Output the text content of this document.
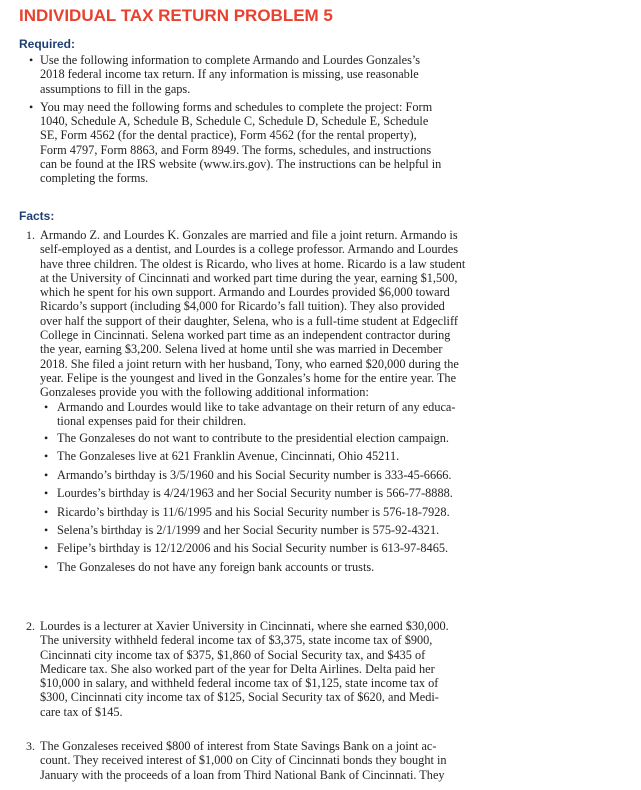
INDIVIDUAL TAX RETURN PROBLEM 5
Required:
• Use the following information to complete Armando and Lourdes Gonzales’s
2018 federal income tax return. If any information is missing, use reasonable
assumptions to fill in the gaps.
• You may need the following forms and schedules to complete the project: Form
1040, Schedule A, Schedule B, Schedule C, Schedule D, Schedule E, Schedule
SE, Form 4562 (for the dental practice), Form 4562 (for the rental property),
Form 4797, Form 8863, and Form 8949. The forms, schedules, and instructions
can be found at the IRS website (www.irs.gov). The instructions can be helpful in
completing the forms.
Facts:
1. Armando Z. and Lourdes K. Gonzales are married and file a joint return. Armando is
self-employed as a dentist, and Lourdes is a college professor. Armando and Lourdes
have three children. The oldest is Ricardo, who lives at home. Ricardo is a law student
at the University of Cincinnati and worked part time during the year, earning $1,500,
which he spent for his own support. Armando and Lourdes provided $6,000 toward
Ricardo’s support (including $4,000 for Ricardo’s fall tuition). They also provided
over half the support of their daughter, Selena, who is a full-time student at Edgecliff
College in Cincinnati. Selena worked part time as an independent contractor during
the year, earning $3,200. Selena lived at home until she was married in December
2018. She filed a joint return with her husband, Tony, who earned $20,000 during the
year. Felipe is the youngest and lived in the Gonzales’s home for the entire year. The
Gonzaleses provide you with the following additional information:
• Armando and Lourdes would like to take advantage on their return of any educa-
tional expenses paid for their children.
• The Gonzaleses do not want to contribute to the presidential election campaign.
• The Gonzaleses live at 621 Franklin Avenue, Cincinnati, Ohio 45211.
• Armando’s birthday is 3/5/1960 and his Social Security number is 333-45-6666.
• Lourdes’s birthday is 4/24/1963 and her Social Security number is 566-77-8888.
• Ricardo’s birthday is 11/6/1995 and his Social Security number is 576-18-7928.
• Selena’s birthday is 2/1/1999 and her Social Security number is 575-92-4321.
• Felipe’s birthday is 12/12/2006 and his Social Security number is 613-97-8465.
• The Gonzaleses do not have any foreign bank accounts or trusts.
2. Lourdes is a lecturer at Xavier University in Cincinnati, where she earned $30,000.
The university withheld federal income tax of $3,375, state income tax of $900,
Cincinnati city income tax of $375, $1,860 of Social Security tax, and $435 of
Medicare tax. She also worked part of the year for Delta Airlines. Delta paid her
$10,000 in salary, and withheld federal income tax of $1,125, state income tax of
$300, Cincinnati city income tax of $125, Social Security tax of $620, and Medi-
care tax of $145.
3. The Gonzaleses received $800 of interest from State Savings Bank on a joint ac-
count. They received interest of $1,000 on City of Cincinnati bonds they bought in
January with the proceeds of a loan from Third National Bank of Cincinnati. They
